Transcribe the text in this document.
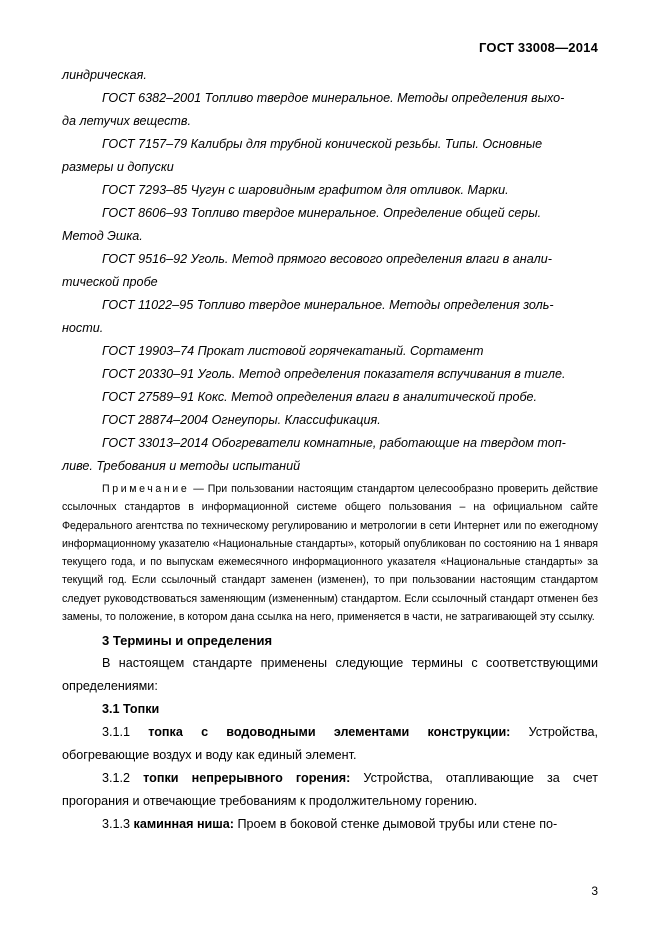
ГОСТ 33008—2014

линдрическая.

ГОСТ 6382–2001 Топливо твердое минеральное. Методы определения выхо-

да летучих веществ.

ГОСТ 7157–79 Калибры для трубной конической резьбы. Типы. Основные

размеры и допуски

ГОСТ 7293–85 Чугун с шаровидным графитом для отливок. Марки.

ГОСТ 8606–93 Топливо твердое минеральное. Определение общей серы.

Метод Эшка.

ГОСТ 9516–92 Уголь. Метод прямого весового определения влаги в анали-

тической пробе

ГОСТ 11022–95 Топливо твердое минеральное. Методы определения золь-

ности.

ГОСТ 19903–74 Прокат листовой горячекатаный. Сортамент

ГОСТ 20330–91 Уголь. Метод определения показателя вспучивания в тигле.

ГОСТ 27589–91 Кокс. Метод определения влаги в аналитической пробе.

ГОСТ 28874–2004 Огнеупоры. Классификация.

ГОСТ 33013–2014 Обогреватели комнатные, работающие на твердом топ-

ливе. Требования и методы испытаний

Примечание — При пользовании настоящим стандартом целесообразно проверить действие ссылочных стандартов в информационной системе общего пользования – на официальном сайте Федерального агентства по техническому регулированию и метрологии в сети Интернет или по ежегодному информационному указателю «Национальные стандарты», который опубликован по состоянию на 1 января текущего года, и по выпускам ежемесячного информационного указателя «Национальные стандарты» за текущий год. Если ссылочный стандарт заменен (изменен), то при пользовании настоящим стандартом следует руководствоваться заменяющим (измененным) стандартом. Если ссылочный стандарт отменен без замены, то положение, в котором дана ссылка на него, применяется в части, не затрагивающей эту ссылку.

3 Термины и определения

В настоящем стандарте применены следующие термины с соответствующими определениями:

3.1 Топки

3.1.1 топка с водоводными элементами конструкции: Устройства, обогревающие воздух и воду как единый элемент.

3.1.2 топки непрерывного горения: Устройства, отапливающие за счет прогорания и отвечающие требованиям к продолжительному горению.

3.1.3 каминная ниша: Проем в боковой стенке дымовой трубы или стене по-

3
